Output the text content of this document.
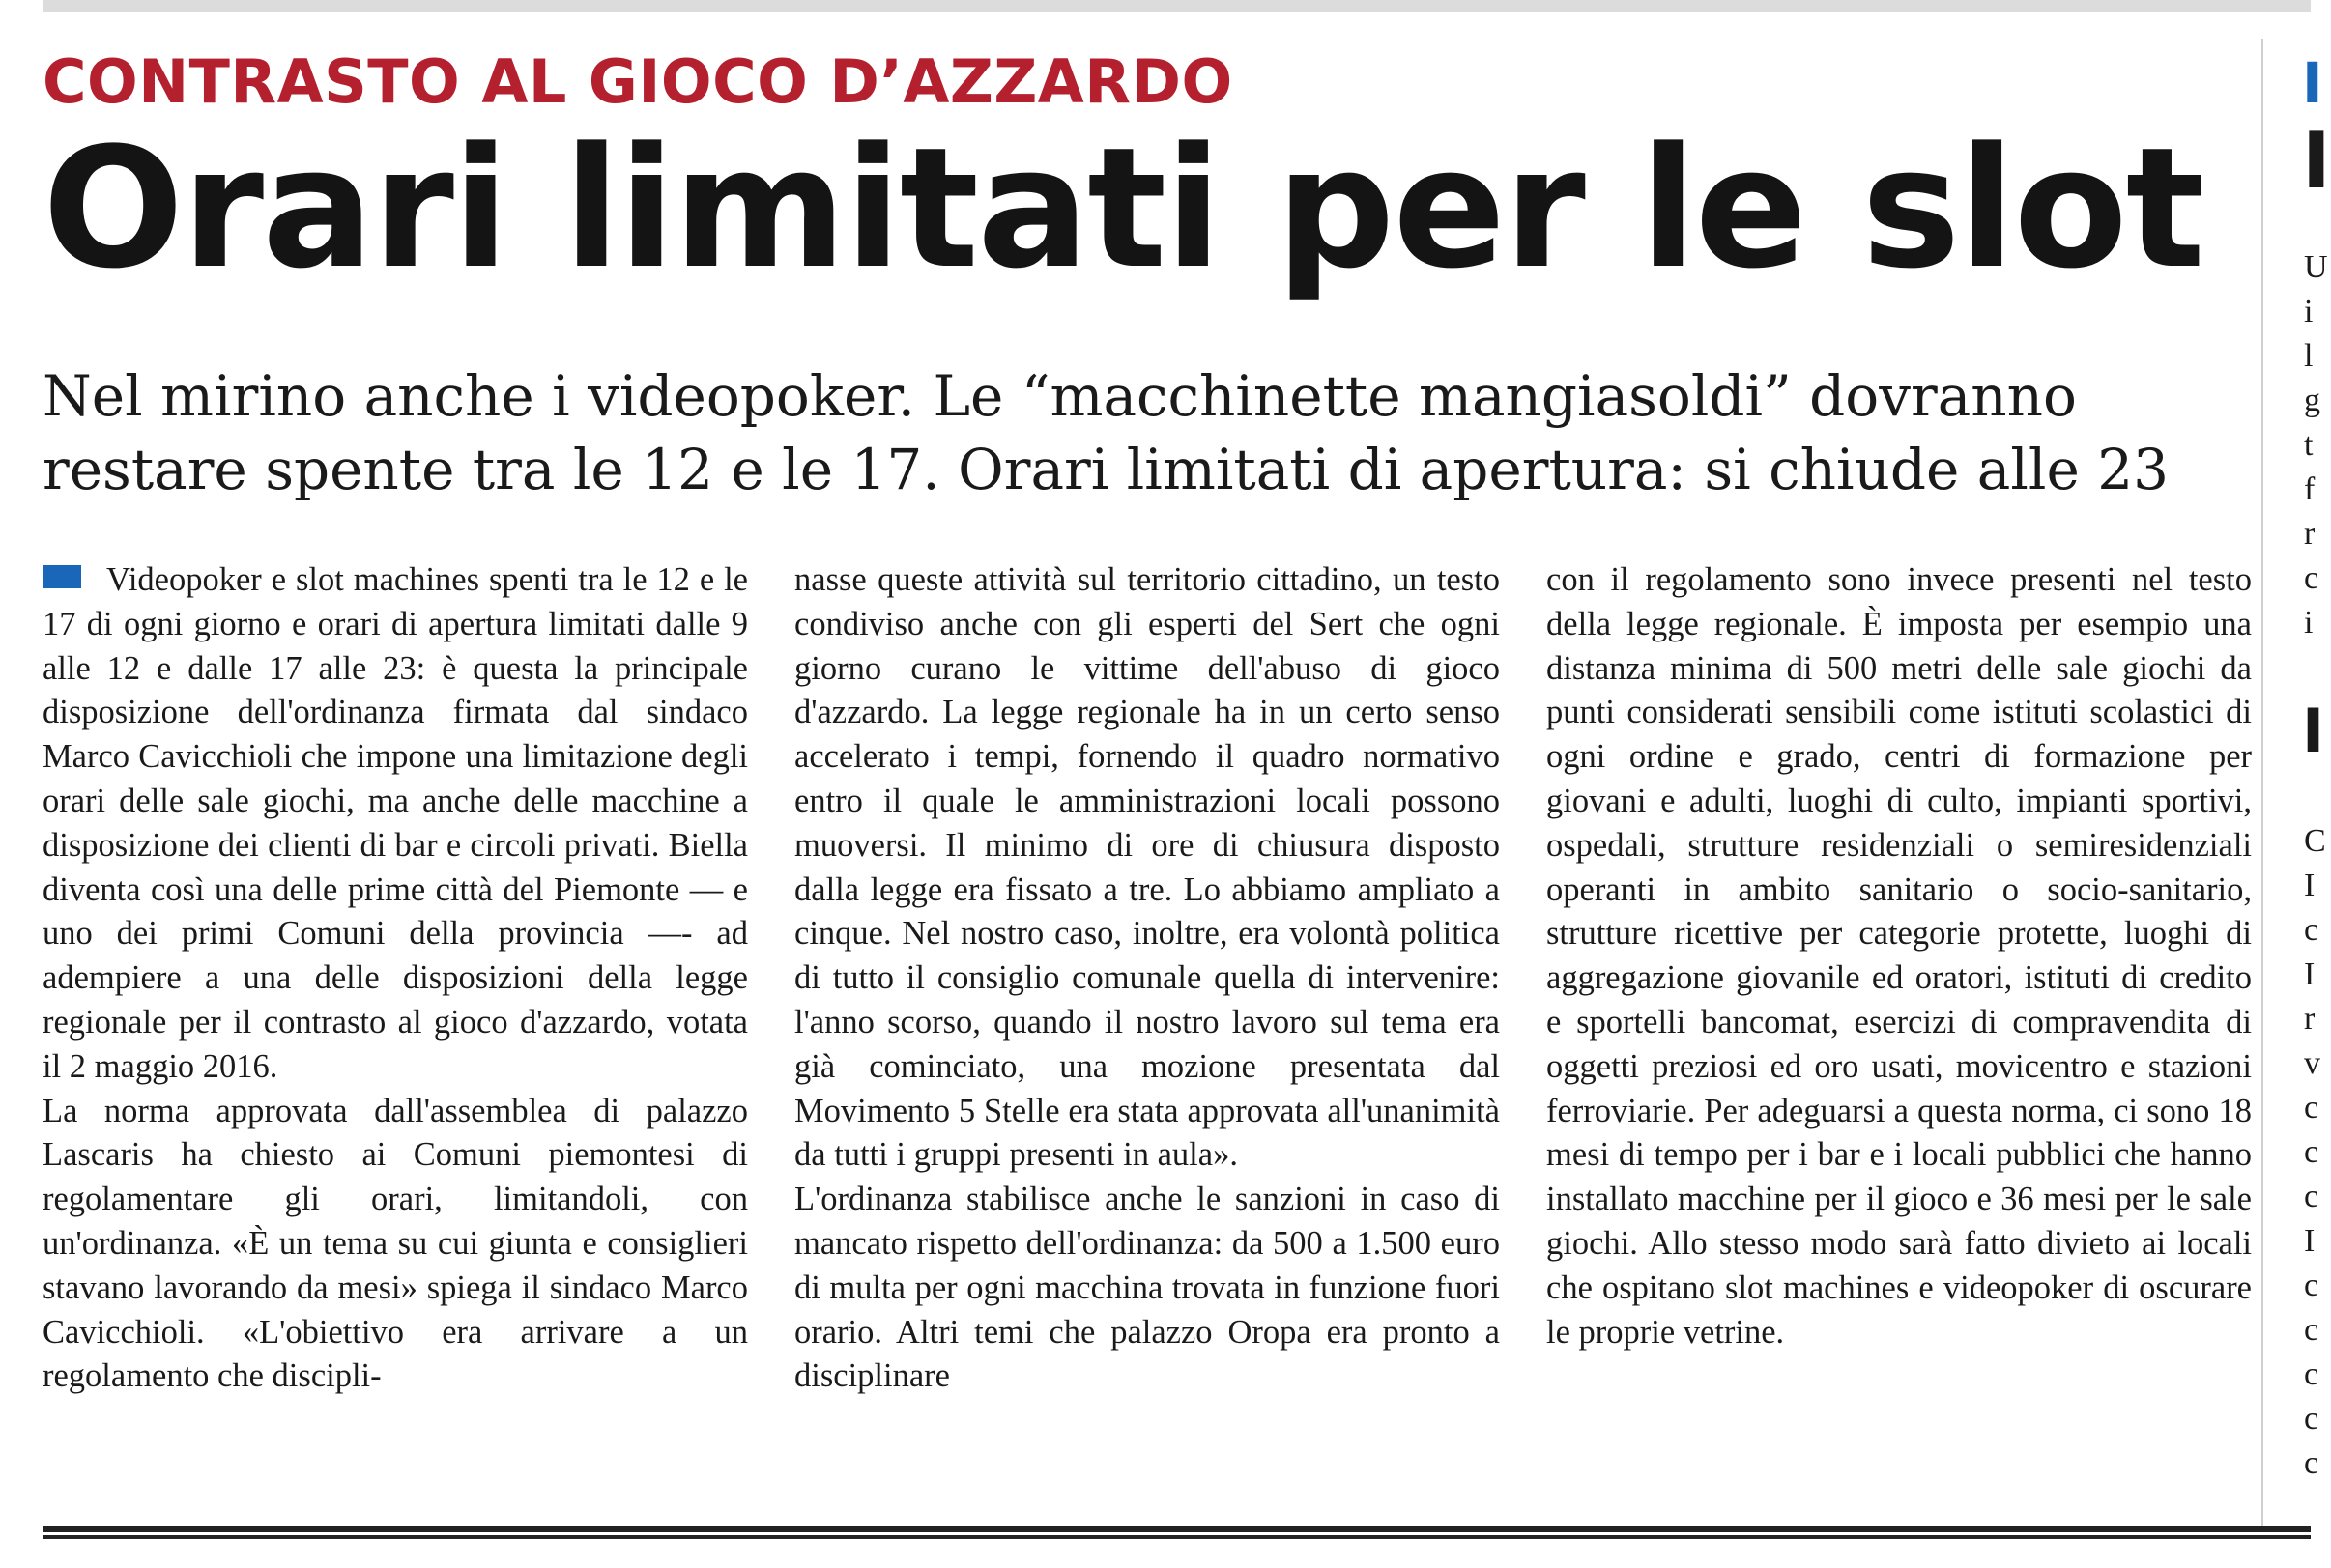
CONTRASTO AL GIOCO D’AZZARDO
Orari limitati per le slot
Nel mirino anche i videopoker. Le “macchinette mangiasoldi” dovranno
restare spente tra le 12 e le 17. Orari limitati di apertura: si chiude alle 23

Videopoker e slot machines spenti tra le 12 e le 17 di ogni giorno e orari di apertura limitati dalle 9 alle 12 e dalle 17 alle 23: è questa la principale disposizione dell'ordinanza firmata dal sindaco Marco Cavicchioli che impone una limitazione degli orari delle sale giochi, ma anche delle macchine a disposizione dei clienti di bar e circoli privati. Biella diventa così una delle prime città del Piemonte — e uno dei primi Comuni della provincia —- ad adempiere a una delle disposizioni della legge regionale per il contrasto al gioco d'azzardo, votata il 2 maggio 2016.

La norma approvata dall'assemblea di palazzo Lascaris ha chiesto ai Comuni piemontesi di regolamentare gli orari, limitandoli, con un'ordinanza. «È un tema su cui giunta e consiglieri stavano lavorando da mesi» spiega il sindaco Marco Cavicchioli. «L'obiettivo era arrivare a un regolamento che discipli-

nasse queste attività sul territorio cittadino, un testo condiviso anche con gli esperti del Sert che ogni giorno curano le vittime dell'abuso di gioco d'azzardo. La legge regionale ha in un certo senso accelerato i tempi, fornendo il quadro normativo entro il quale le amministrazioni locali possono muoversi. Il minimo di ore di chiusura disposto dalla legge era fissato a tre. Lo abbiamo ampliato a cinque. Nel nostro caso, inoltre, era volontà politica di tutto il consiglio comunale quella di intervenire: l'anno scorso, quando il nostro lavoro sul tema era già cominciato, una mozione presentata dal Movimento 5 Stelle era stata approvata all'unanimità da tutti i gruppi presenti in aula».

L'ordinanza stabilisce anche le sanzioni in caso di mancato rispetto dell'ordinanza: da 500 a 1.500 euro di multa per ogni macchina trovata in funzione fuori orario. Altri temi che palazzo Oropa era pronto a disciplinare

con il regolamento sono invece presenti nel testo della legge regionale. È imposta per esempio una distanza minima di 500 metri delle sale giochi da punti considerati sensibili come istituti scolastici di ogni ordine e grado, centri di formazione per giovani e adulti, luoghi di culto, impianti sportivi, ospedali, strutture residenziali o semiresidenziali operanti in ambito sanitario o socio-sanitario, strutture ricettive per categorie protette, luoghi di aggregazione giovanile ed oratori, istituti di credito e sportelli bancomat, esercizi di compravendita di oggetti preziosi ed oro usati, movicentro e stazioni ferroviarie. Per adeguarsi a questa norma, ci sono 18 mesi di tempo per i bar e i locali pubblici che hanno installato macchine per il gioco e 36 mesi per le sale giochi. Allo stesso modo sarà fatto divieto ai locali che ospitano slot machines e videopoker di oscurare le proprie vetrine.

I
I
U
i
l
g
t
f
r
c
i
I
C
I
c
I
r
v
c
c
c
I
c
c
c
c
c
